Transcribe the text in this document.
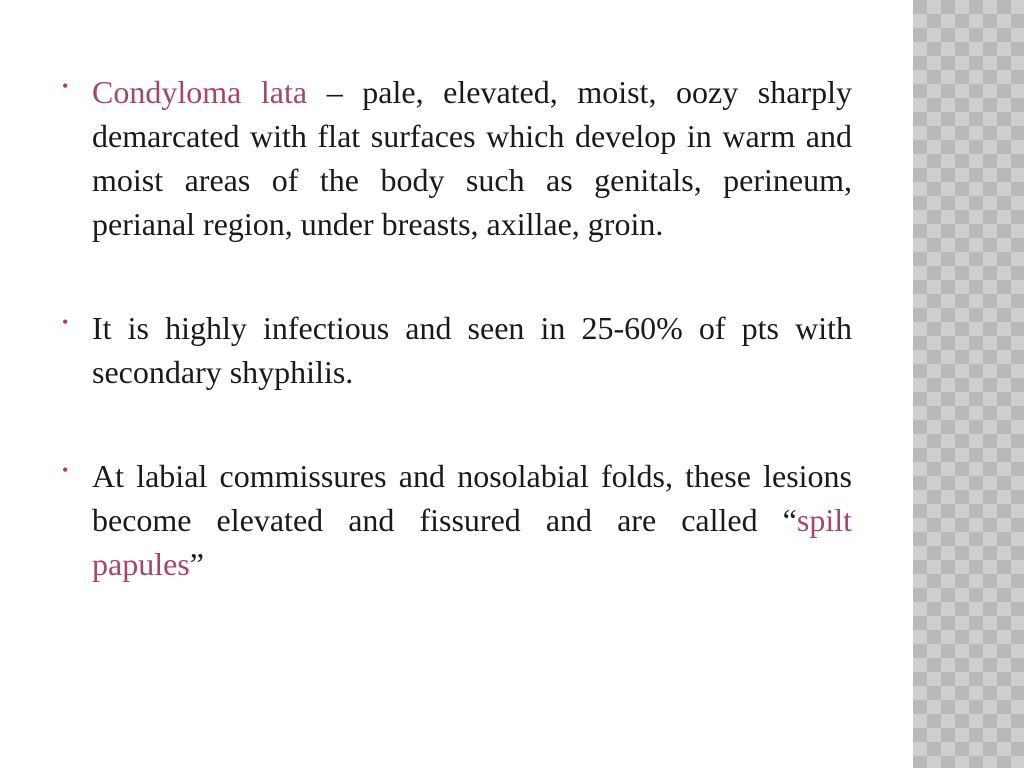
• Condyloma lata – pale, elevated, moist, oozy sharply demarcated with flat surfaces which develop in warm and moist areas of the body such as genitals, perineum, perianal region, under breasts, axillae, groin.
• It is highly infectious and seen in 25-60% of pts with secondary shyphilis.
• At labial commissures and nosolabial folds, these lesions become elevated and fissured and are called “spilt papules”
